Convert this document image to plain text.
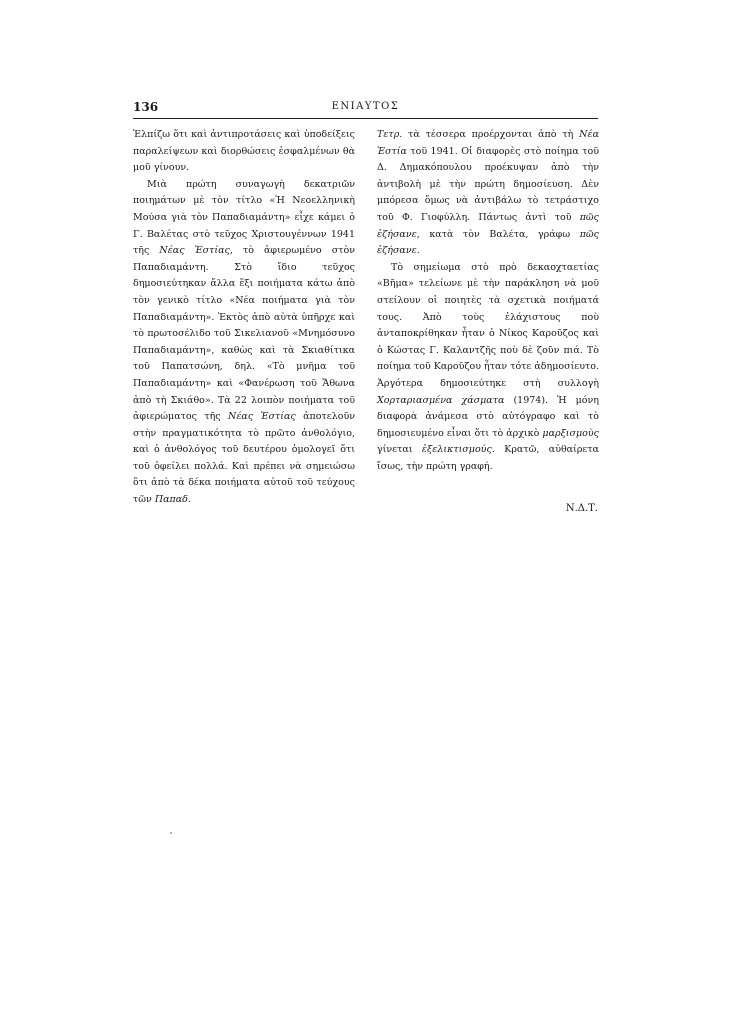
136	ΕΝΙΑΥΤΟΣ

Ἐλπίζω ὅτι καὶ ἀντιπροτάσεις καὶ ὑποδείξεις παραλείψεων καὶ διορθώσεις ἐσφαλμένων θὰ μοῦ γίνουν.

Μιὰ πρώτη συναγωγὴ δεκατριῶν ποιημάτων μὲ τὸν τίτλο «Ἡ Νεοελληνικὴ Μούσα γιὰ τὸν Παπαδιαμάντη» εἶχε κάμει ὁ Γ. Βαλέτας στὸ τεῦχος Χριστουγέννων 1941 τῆς Νέας Ἑστίας, τὸ ἀφιερωμένο στὸν Παπαδιαμάντη. Στὸ ἴδιο τεῦχος δημοσιεύτηκαν ἄλλα ἕξι ποιήματα κάτω ἀπὸ τὸν γενικὸ τίτλο «Νέα ποιήματα γιὰ τὸν Παπαδιαμάντη». Ἐκτὸς ἀπὸ αὐτὰ ὑπῆρχε καὶ τὸ πρωτοσέλιδο τοῦ Σικελιανοῦ «Μνημόσυνο Παπαδιαμάντη», καθὼς καὶ τὰ Σκιαθίτικα τοῦ Παπατσώνη, δηλ. «Τὸ μνῆμα τοῦ Παπαδιαμάντη» καὶ «Φανέρωση τοῦ Ἄθωνα ἀπὸ τὴ Σκιάθο». Τὰ 22 λοιπὸν ποιήματα τοῦ ἀφιερώματος τῆς Νέας Ἑστίας ἀποτελοῦν στὴν πραγματικότητα τὸ πρῶτο ἀνθολόγιο, καὶ ὁ ἀνθολόγος τοῦ δευτέρου ὁμολογεῖ ὅτι τοῦ ὀφείλει πολλά. Καὶ πρέπει νὰ σημειώσω ὅτι ἀπὸ τὰ δέκα ποιήματα αὐτοῦ τοῦ τεύχους τῶν Παπαδ.

Τετρ. τὰ τέσσερα προέρχονται ἀπὸ τὴ Νέα Ἑστία τοῦ 1941. Οἱ διαφορὲς στὸ ποίημα τοῦ Δ. Δημακόπουλου προέκυψαν ἀπὸ τὴν ἀντιβολὴ μὲ τὴν πρώτη δημοσίευση. Δὲν μπόρεσα ὅμως νὰ ἀντιβάλω τὸ τετράστιχο τοῦ Φ. Γιοφύλλη. Πάντως ἀντὶ τοῦ πῶς ἐζήσανε, κατὰ τὸν Βαλέτα, γράφω πῶς ἐζήσανε.

Τὸ σημείωμα στὸ πρὸ δεκαοχταετίας «Βῆμα» τελείωνε μὲ τὴν παράκληση νὰ μοῦ στείλουν οἱ ποιητὲς τὰ σχετικὰ ποιήματά τους. Ἀπὸ τοὺς ἐλάχιστους ποὺ ἀνταποκρίθηκαν ἦταν ὁ Νίκος Καροῦζος καὶ ὁ Κώστας Γ. Καλαντζῆς ποὺ δὲ ζοῦν πιά. Τὸ ποίημα τοῦ Καροῦζου ἦταν τότε ἀδημοσίευτο. Ἀργότερα δημοσιεύτηκε στὴ συλλογὴ Χορταριασμένα χάσματα (1974). Ἡ μόνη διαφορὰ ἀνάμεσα στὸ αὐτόγραφο καὶ τὸ δημοσιευμένο εἶναι ὅτι τὸ ἀρχικὸ μαρξισμοὺς γίνεται ἐξελικτισμούς. Κρατῶ, αὐθαίρετα ἴσως, τὴν πρώτη γραφή.

Ν.Δ.Τ.
